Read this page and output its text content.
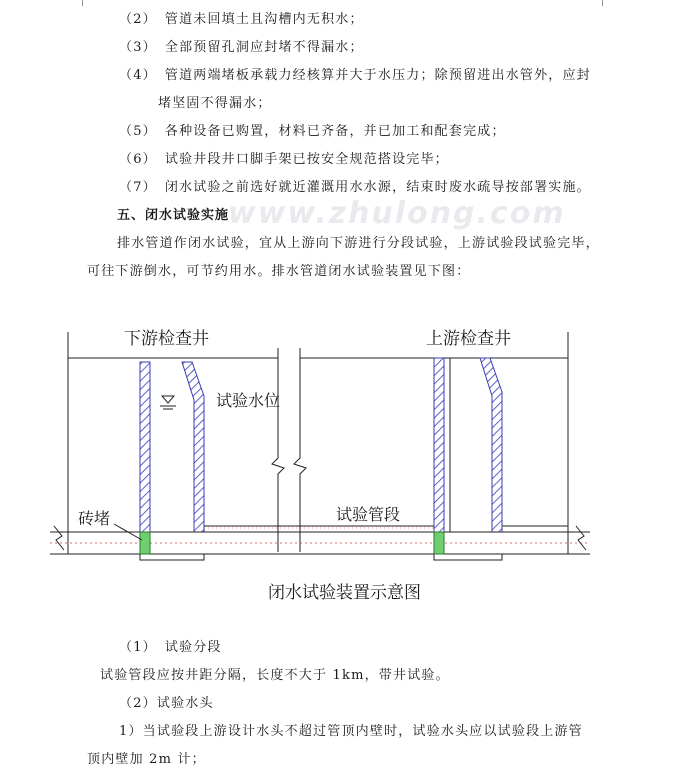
（2） 管道未回填土且沟槽内无积水；
（3） 全部预留孔洞应封堵不得漏水；
（4） 管道两端堵板承载力经核算并大于水压力；除预留进出水管外，应封
堵坚固不得漏水；
（5） 各种设备已购置，材料已齐备，并已加工和配套完成；
（6） 试验井段井口脚手架已按安全规范搭设完毕；
（7） 闭水试验之前选好就近灌溉用水水源，结束时废水疏导按部署实施。
www.zhulong.com
五、闭水试验实施
排水管道作闭水试验，宜从上游向下游进行分段试验，上游试验段试验完毕，
可往下游倒水，可节约用水。排水管道闭水试验装置见下图：
下游检查井	上游检查井
试验水位
试验管段
砖堵
闭水试验装置示意图
（1） 试验分段
试验管段应按井距分隔，长度不大于 1km，带井试验。
（2）试验水头
1）当试验段上游设计水头不超过管顶内壁时，试验水头应以试验段上游管
顶内壁加 2m 计；
